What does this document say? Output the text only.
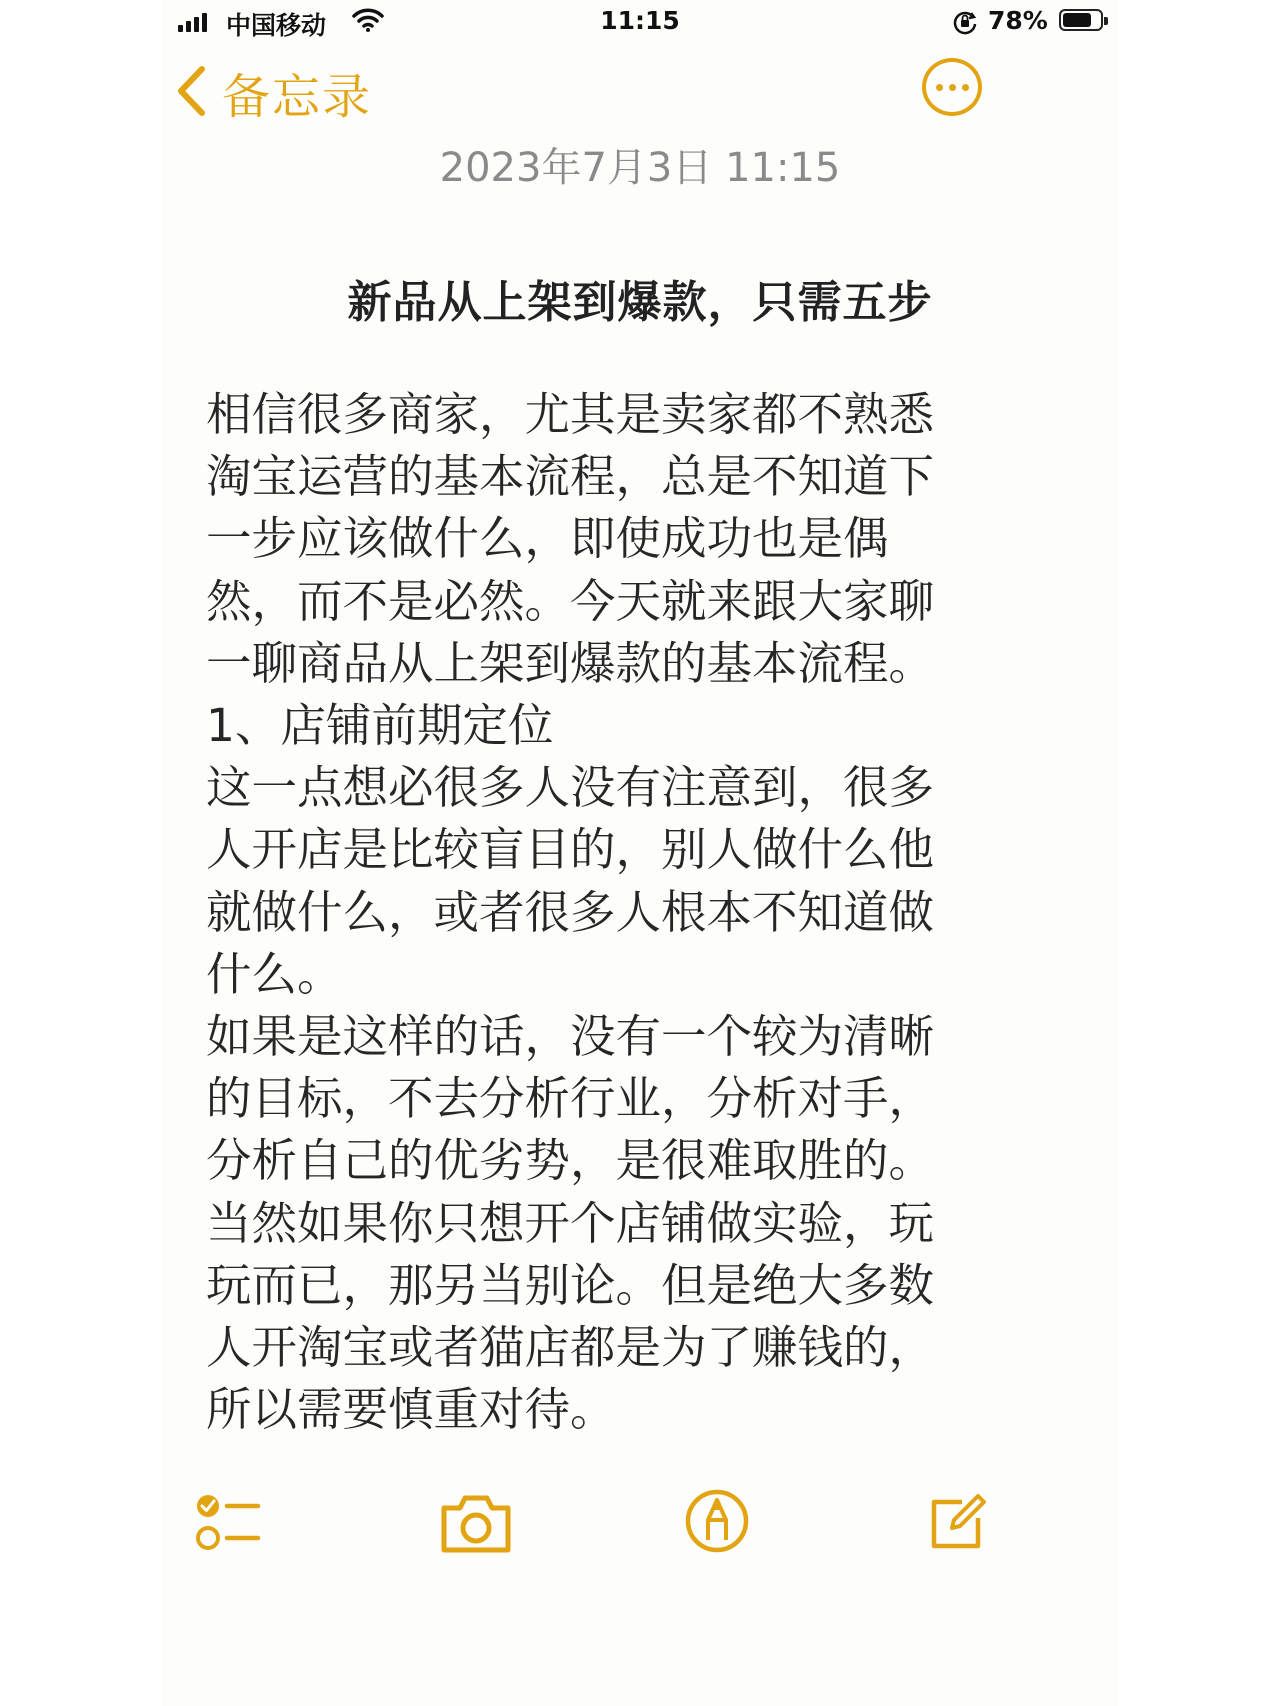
中国移动	11:15	78%
备忘录
2023年7月3日 11:15
新品从上架到爆款，只需五步

相信很多商家，尤其是卖家都不熟悉淘宝运营的基本流程，总是不知道下一步应该做什么，即使成功也是偶然，而不是必然。今天就来跟大家聊一聊商品从上架到爆款的基本流程。

1、店铺前期定位

这一点想必很多人没有注意到，很多人开店是比较盲目的，别人做什么他就做什么，或者很多人根本不知道做什么。

如果是这样的话，没有一个较为清晰的目标，不去分析行业，分析对手，分析自己的优劣势，是很难取胜的。当然如果你只想开个店铺做实验，玩玩而已，那另当别论。但是绝大多数人开淘宝或者猫店都是为了赚钱的，所以需要慎重对待。
